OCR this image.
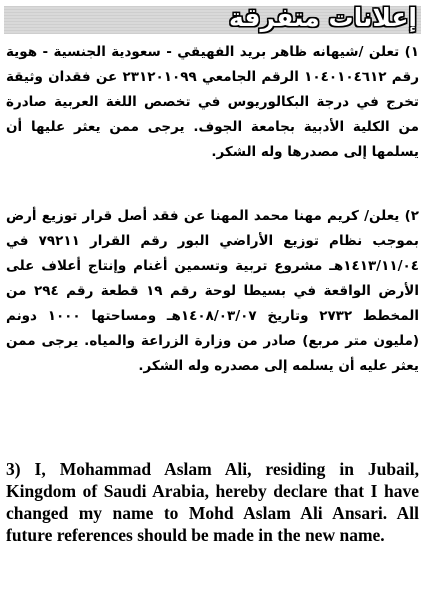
إعلانات متفرقة
١) تعلن /شيهانه ظاهر بريد الفهيقي - سعودية الجنسية - هوية رقم ١٠٤٠١٠٤٦١٢ الرقم الجامعي ٢٣١٢٠١٠٩٩ عن فقدان وثيقة تخرج في درجة البكالوريوس في تخصص اللغة العربية صادرة من الكلية الأدبية بجامعة الجوف. يرجى ممن يعثر عليها أن يسلمها إلى مصدرها وله الشكر.
٢) يعلن/ كريم مهنا محمد المهنا عن فقد أصل قرار توزيع أرض بموجب نظام توزيع الأراضي البور رقم القرار ٧٩٢١١ في ١٤١٣/١١/٠٤هـ مشروع تربية وتسمين أغنام وإنتاج أعلاف على الأرض الواقعة في بسيطا لوحة رقم ١٩ قطعة رقم ٢٩٤ من المخطط ٢٧٣٢ وتاريخ ١٤٠٨/٠٣/٠٧هـ ومساحتها ١٠٠٠ دونم (مليون متر مربع) صادر من وزارة الزراعة والمياه. يرجى ممن يعثر عليه أن يسلمه إلى مصدره وله الشكر.
3) I, Mohammad Aslam Ali, residing in Jubail, Kingdom of Saudi Arabia, hereby declare that I have changed my name to Mohd Aslam Ali Ansari. All future references should be made in the new name.
